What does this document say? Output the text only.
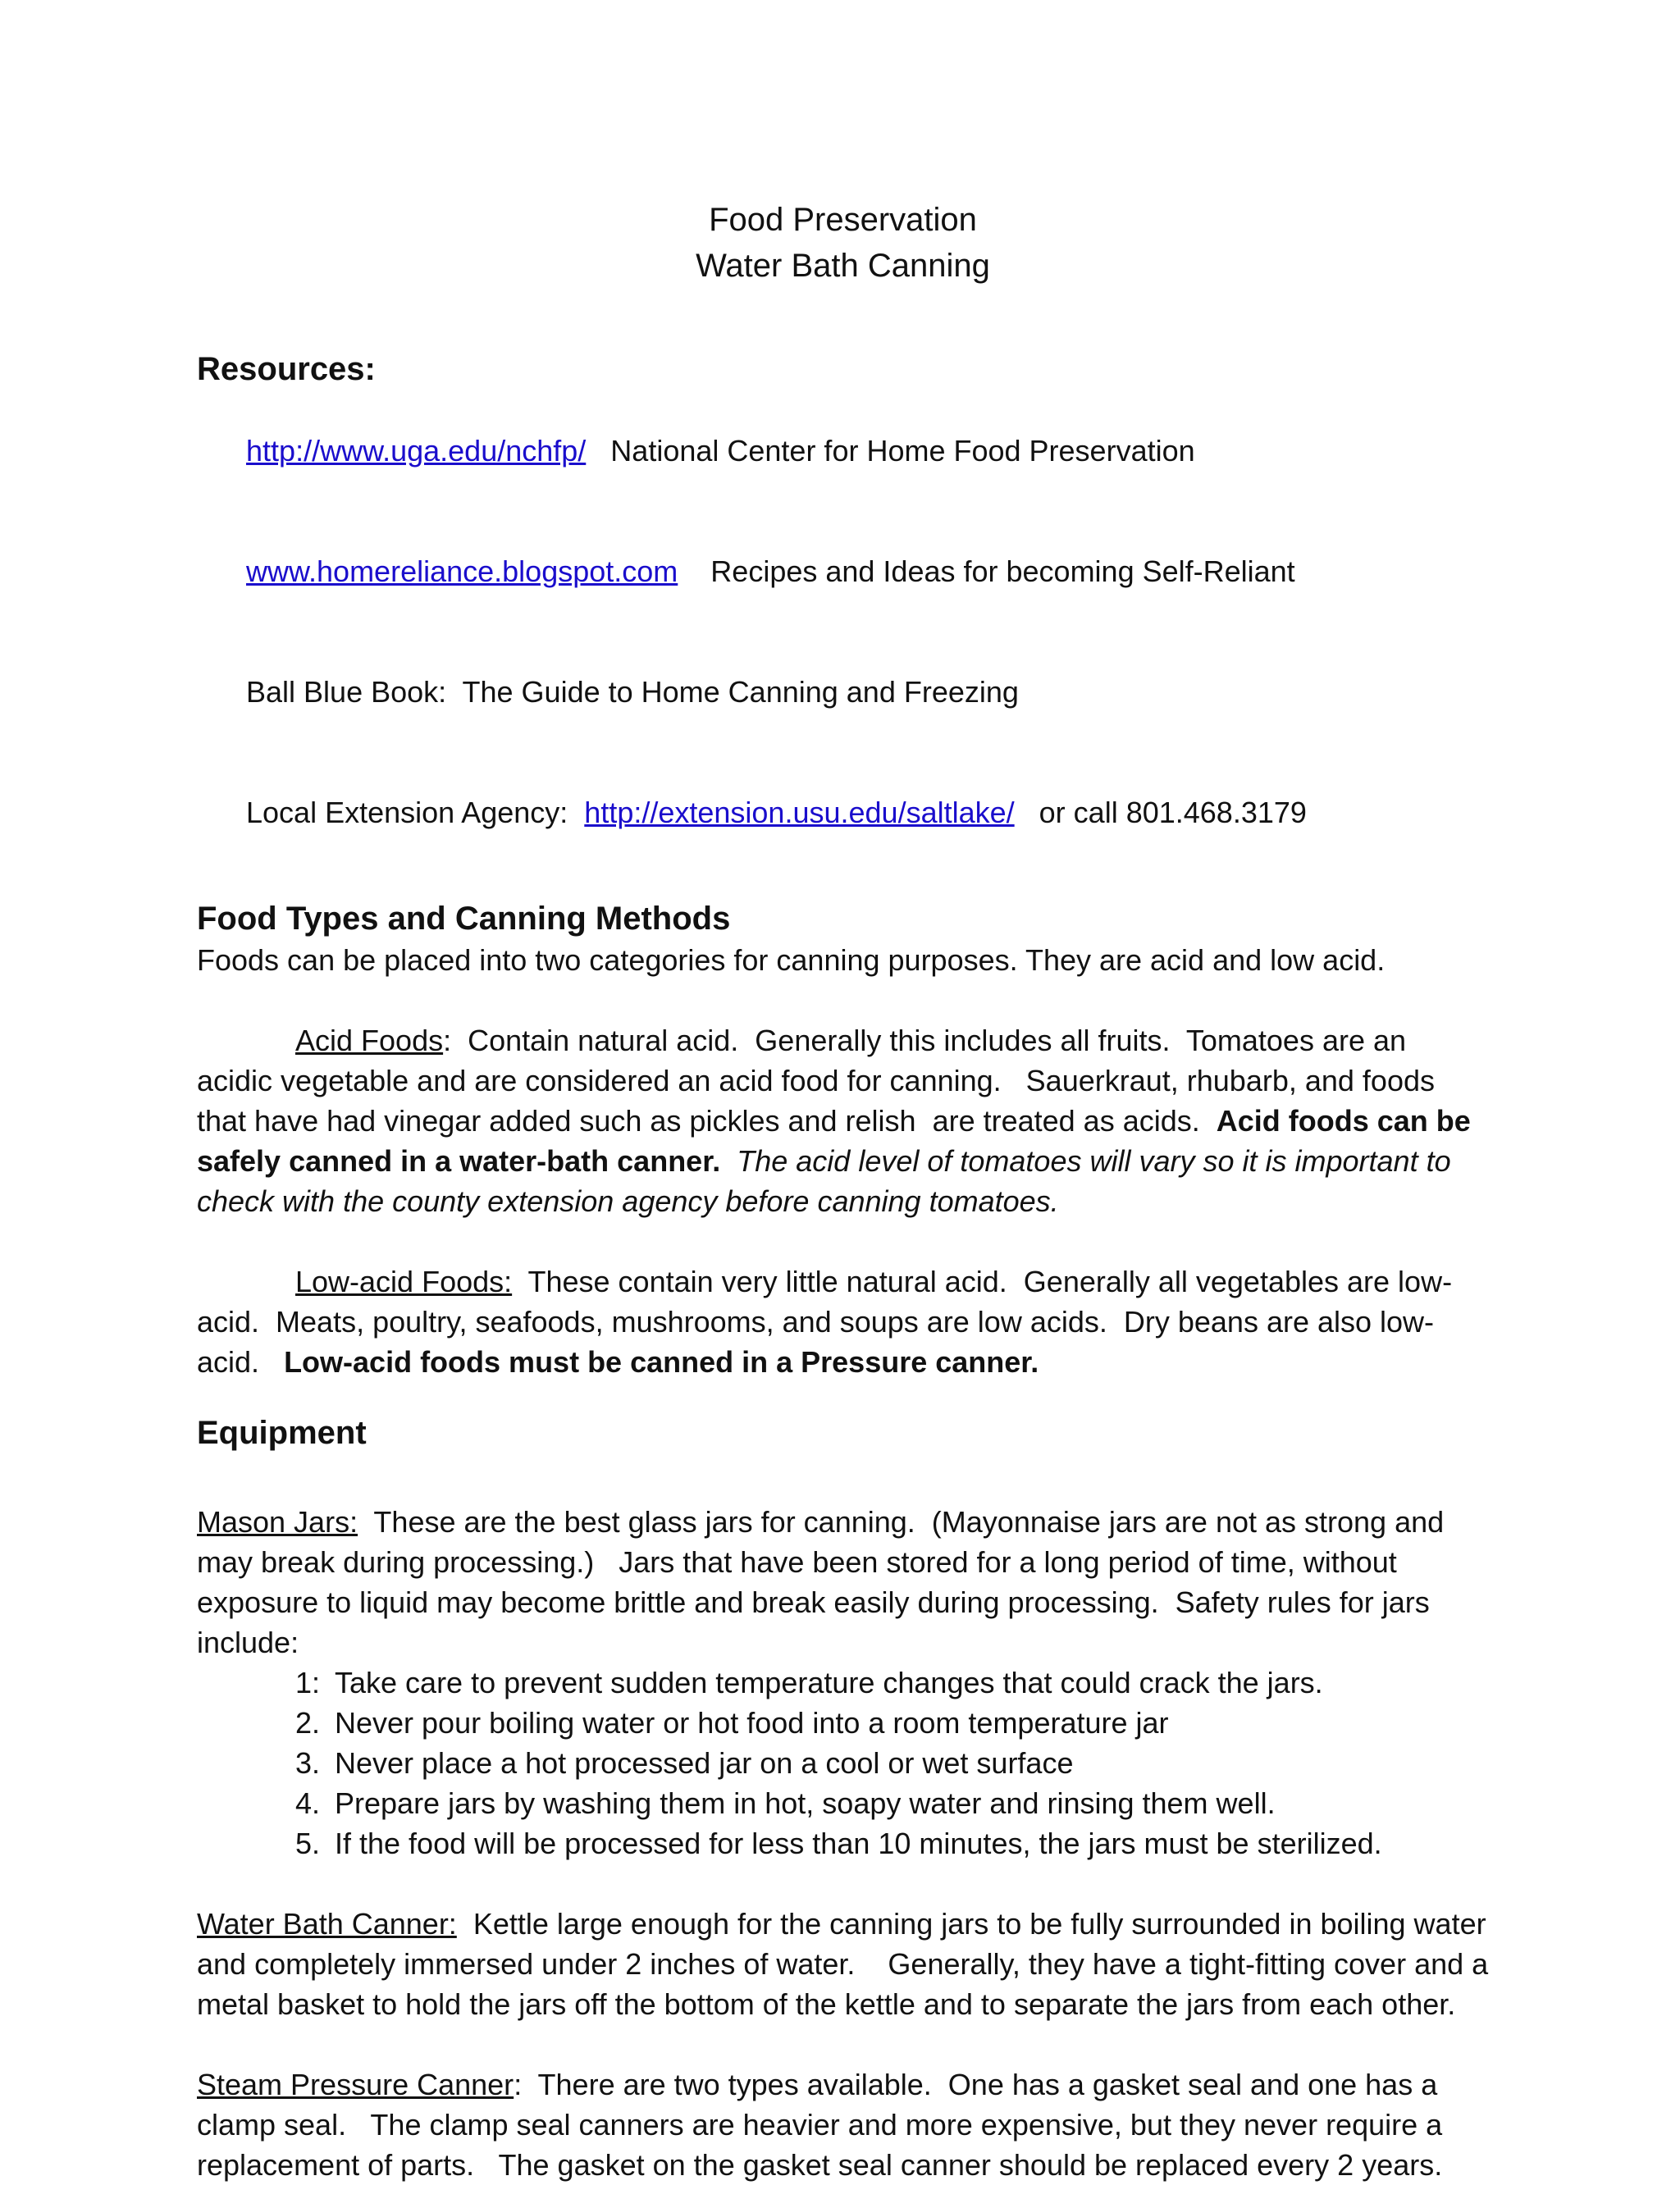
Food Preservation
Water Bath Canning
Resources:

http://www.uga.edu/nchfp/ National Center for Home Food Preservation

www.homereliance.blogspot.com Recipes and Ideas for becoming Self-Reliant

Ball Blue Book:  The Guide to Home Canning and Freezing

Local Extension Agency: http://extension.usu.edu/saltlake/ or call 801.468.3179

Food Types and Canning Methods

Foods can be placed into two categories for canning purposes. They are acid and low acid.

Acid Foods:  Contain natural acid.  Generally this includes all fruits.  Tomatoes are an acidic vegetable and are considered an acid food for canning.   Sauerkraut, rhubarb, and foods that have had vinegar added such as pickles and relish  are treated as acids.  Acid foods can be safely canned in a water-bath canner. The acid level of tomatoes will vary so it is important to check with the county extension agency before canning tomatoes.

Low-acid Foods:  These contain very little natural acid.  Generally all vegetables are low-acid.  Meats, poultry, seafoods, mushrooms, and soups are low acids.  Dry beans are also low-acid.   Low-acid foods must be canned in a Pressure canner.

Equipment

Mason Jars:  These are the best glass jars for canning.  (Mayonnaise jars are not as strong and may break during processing.)   Jars that have been stored for a long period of time, without exposure to liquid may become brittle and break easily during processing.  Safety rules for jars include:

1: Take care to prevent sudden temperature changes that could crack the jars.
2. Never pour boiling water or hot food into a room temperature jar
3. Never place a hot processed jar on a cool or wet surface
4. Prepare jars by washing them in hot, soapy water and rinsing them well.
5. If the food will be processed for less than 10 minutes, the jars must be sterilized.

Water Bath Canner:  Kettle large enough for the canning jars to be fully surrounded in boiling water and completely immersed under 2 inches of water.    Generally, they have a tight-fitting cover and a metal basket to hold the jars off the bottom of the kettle and to separate the jars from each other.

Steam Pressure Canner:  There are two types available.  One has a gasket seal and one has a clamp seal.   The clamp seal canners are heavier and more expensive, but they never require a replacement of parts.   The gasket on the gasket seal canner should be replaced every 2 years.
